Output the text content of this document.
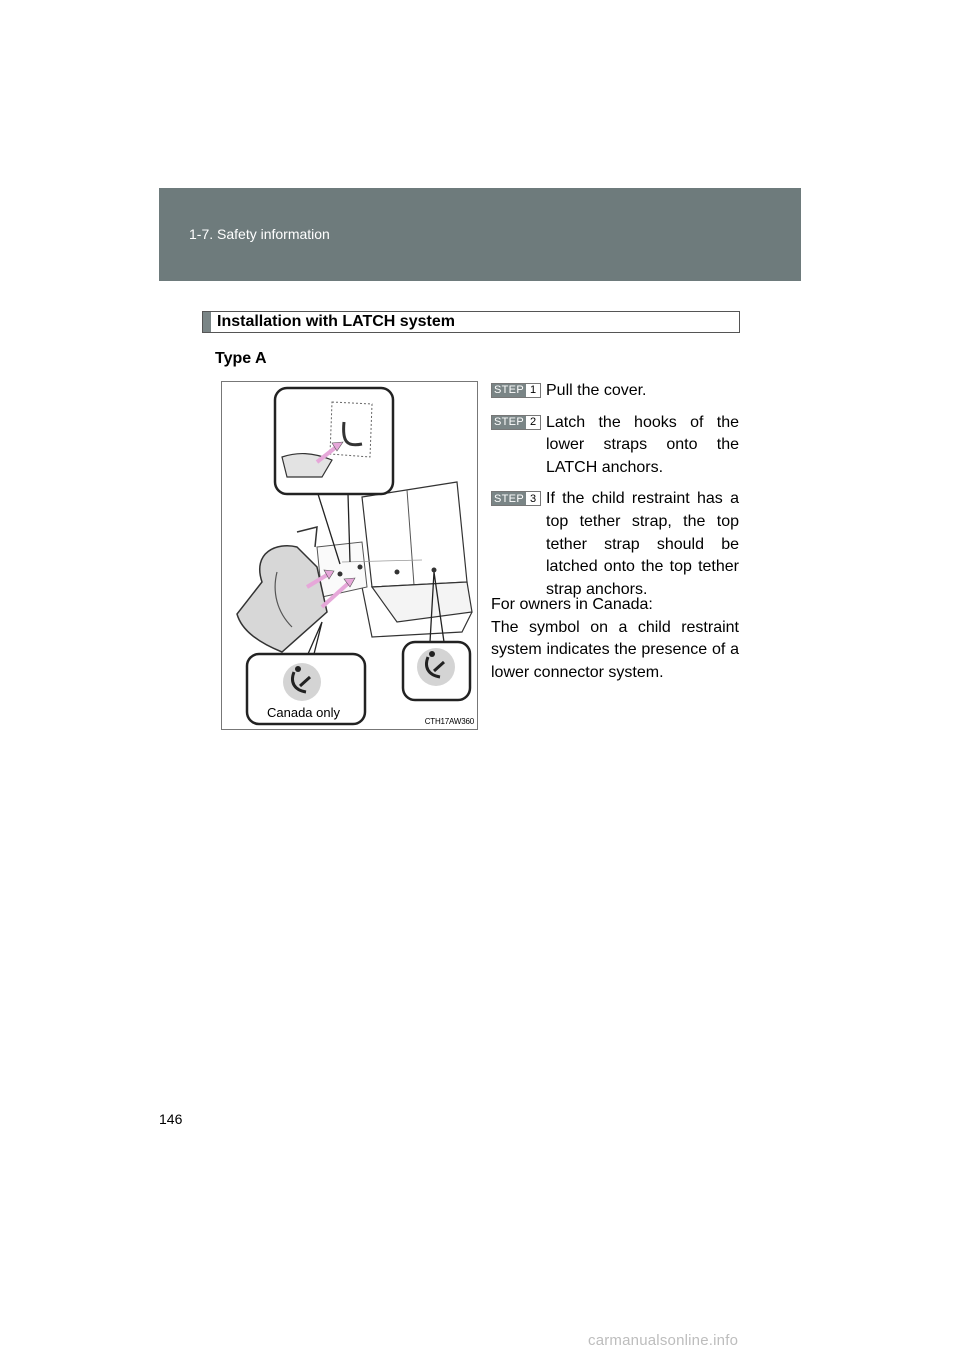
1-7. Safety information
Installation with LATCH system
Type A
Canada only
CTH17AW360
STEP 1 Pull the cover.
STEP 2 Latch the hooks of the lower straps onto the LATCH anchors.
STEP 3 If the child restraint has a top tether strap, the top tether strap should be latched onto the top tether strap anchors.

For owners in Canada:

The symbol on a child restraint system indicates the presence of a lower connector system.

146
carmanualsonline.info
